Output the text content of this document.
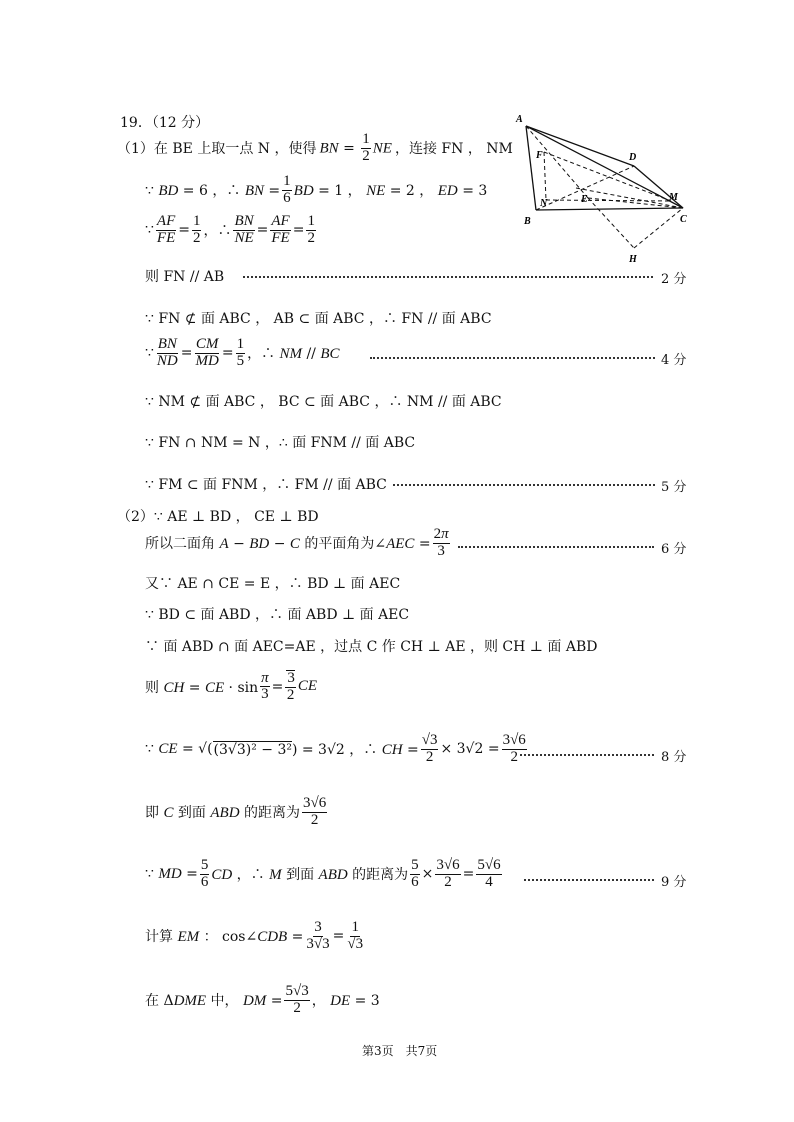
19．（12 分）	A
F	D
M
N	E
B	C
H
（1） 在 BE 上取一点 N ，使得 BN = $\frac{1}{2}$ NE ，连接 FN ， NM
∵ BD = 6 ，∴ BN = $\frac{1}{6}$ BD = 1 ， NE = 2 ， ED = 3
∵ $\frac{AF}{FE} = \frac{1}{2}$ ，∴ $\frac{BN}{NE} = \frac{AF}{FE} = \frac{1}{2}$
则 FN // AB	2 分
∵ FN ⊄ 面 ABC ， AB ⊂ 面 ABC ，∴ FN // 面 ABC
∵ $\frac{BN}{ND} = \frac{CM}{MD} = \frac{1}{5}$ ，∴ NM // BC	4 分
∵ NM ⊄ 面 ABC ， BC ⊂ 面 ABC ，∴ NM // 面 ABC
∵ FN ∩ NM = N ，∴ 面 FNM // 面 ABC
∵ FM ⊂ 面 FNM ，∴ FM // 面 ABC	5 分
（2） ∵ AE ⊥ BD ， CE ⊥ BD
所以二面角 A − BD − C 的平面角为∠AEC = $\frac{2\pi}{3}$	6 分
又∵ AE ∩ CE = E ，∴ BD ⊥ 面 AEC
∵ BD ⊂ 面 ABD ，∴ 面 ABD ⊥ 面 AEC
∵ 面 ABD ∩ 面 AEC=AE ，过点 C 作 CH ⊥ AE ，则 CH ⊥ 面 ABD
则 CH = CE · $\sin \frac{\pi}{3} = \frac{3}{2}$ CE
∵ CE = √( (3√3)² − 3² ) = 3√2 ，∴ CH = $\frac{√3}{2} \times 3√2 = \frac{3√6}{2}$	8 分
即 C 到面 ABD 的距离为 $\frac{3√6}{2}$
∵ MD = $\frac{5}{6}$ CD ，∴ M 到面 ABD 的距离为 $\frac{5}{6} \times \frac{3√6}{2} = \frac{5√6}{4}$	9 分
计算 EM ： cos∠CDB = $\frac{3}{3√3} = \frac{1}{√3}$
在 ΔDME 中， DM = $\frac{5√3}{2}$ ， DE = 3
第3页　共7页
